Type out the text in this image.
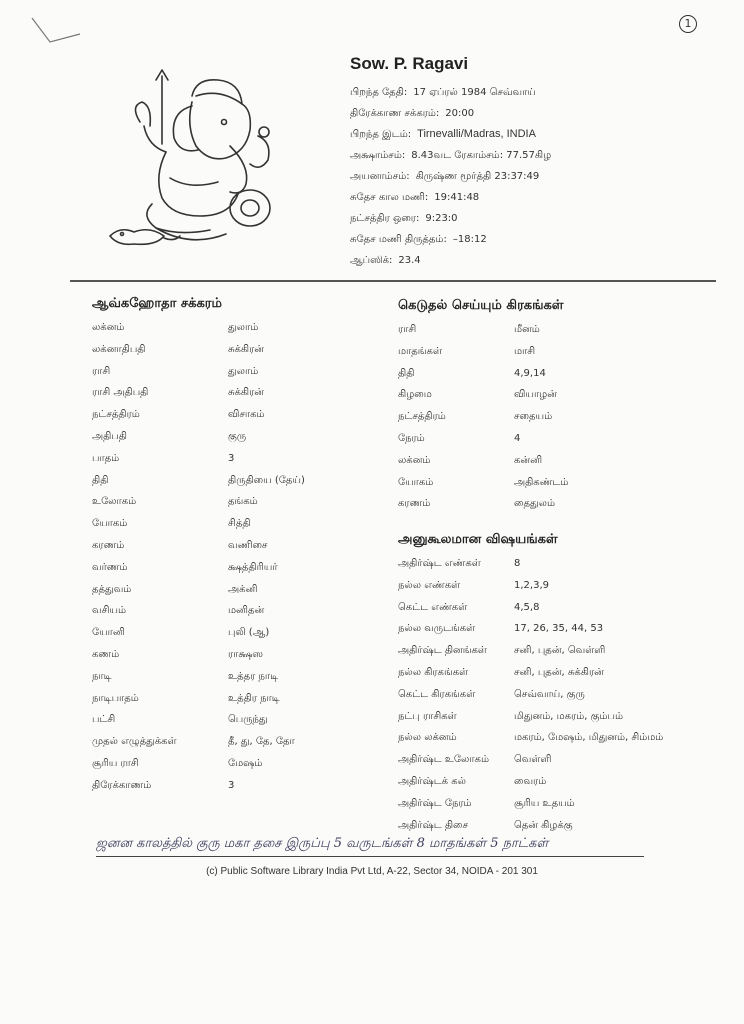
1
Sow. P. Ragavi
பிறந்த தேதி: 17 ஏப்ரல் 1984 செவ்வாய்
திரேக்காண சக்கரம்: 20:00
பிறந்த இடம்: Tirnevalli/Madras, INDIA
அக்ஷாம்சம்: 8.43வட ரேகாம்சம்: 77.57கிழ
அயனாம்சம்: கிருஷ்ண மூர்த்தி 23:37:49
சுதேச கால மணி: 19:41:48
நட்சத்திர ஒரை: 9:23:0
சுதேச மணி திருத்தம்: –18:12
ஆப்ஸிக்: 23.4
ஆவ்கஹோதா சக்கரம்
லக்னம்	துலாம்
லக்னாதிபதி	சுக்கிரன்
ராசி	துலாம்
ராசி அதிபதி	சுக்கிரன்
நட்சத்திரம்	விசாகம்
அதிபதி	குரு
பாதம்	3
திதி	திருதியை (தேய்)
உலோகம்	தங்கம்
யோகம்	சித்தி
கரணம்	வணிசை
வர்ணம்	க்ஷத்திரியர்
தத்துவம்	அக்னி
வசியம்	மனிதன்
யோனி	புலி (ஆ)
கணம்	ராக்ஷஸ
நாடி	உத்தர நாடி
நாடிபாதம்	உத்திர நாடி
பட்சி	பெருந்து
முதல் எழுத்துக்கள்	தீ, து, தே, தோ
சூரிய ராசி	மேஷம்
திரேக்காணம்	3
கெடுதல் செய்யும் கிரகங்கள்
ராசி	மீனம்
மாதங்கள்	மாசி
திதி	4,9,14
கிழமை	வியாழன்
நட்சத்திரம்	சதையம்
நேரம்	4
லக்னம்	கன்னி
யோகம்	அதிகண்டம்
கரணம்	தைதுலம்
அனுகூலமான விஷயங்கள்
அதிர்ஷ்ட எண்கள்	8
நல்ல எண்கள்	1,2,3,9
கெட்ட எண்கள்	4,5,8
நல்ல வருடங்கள்	17, 26, 35, 44, 53
அதிர்ஷ்ட தினங்கள்	சனி, புதன், வெள்ளி
நல்ல கிரகங்கள்	சனி, புதன், சுக்கிரன்
கெட்ட கிரகங்கள்	செவ்வாய், குரு
நட்பு ராசிகள்	மிதுனம், மகரம், கும்பம்
நல்ல லக்னம்	மகரம், மேஷம், மிதுனம், சிம்மம்
அதிர்ஷ்ட உலோகம் வெள்ளி
அதிர்ஷ்டக் கல்	வைரம்
அதிர்ஷ்ட நேரம்	சூரிய உதயம்
அதிர்ஷ்ட திசை	தென் கிழக்கு
ஜனன காலத்தில் குரு மகா தசை இருப்பு 5 வருடங்கள் 8 மாதங்கள் 5 நாட்கள்
(c) Public Software Library India Pvt Ltd, A-22, Sector 34, NOIDA - 201 301
